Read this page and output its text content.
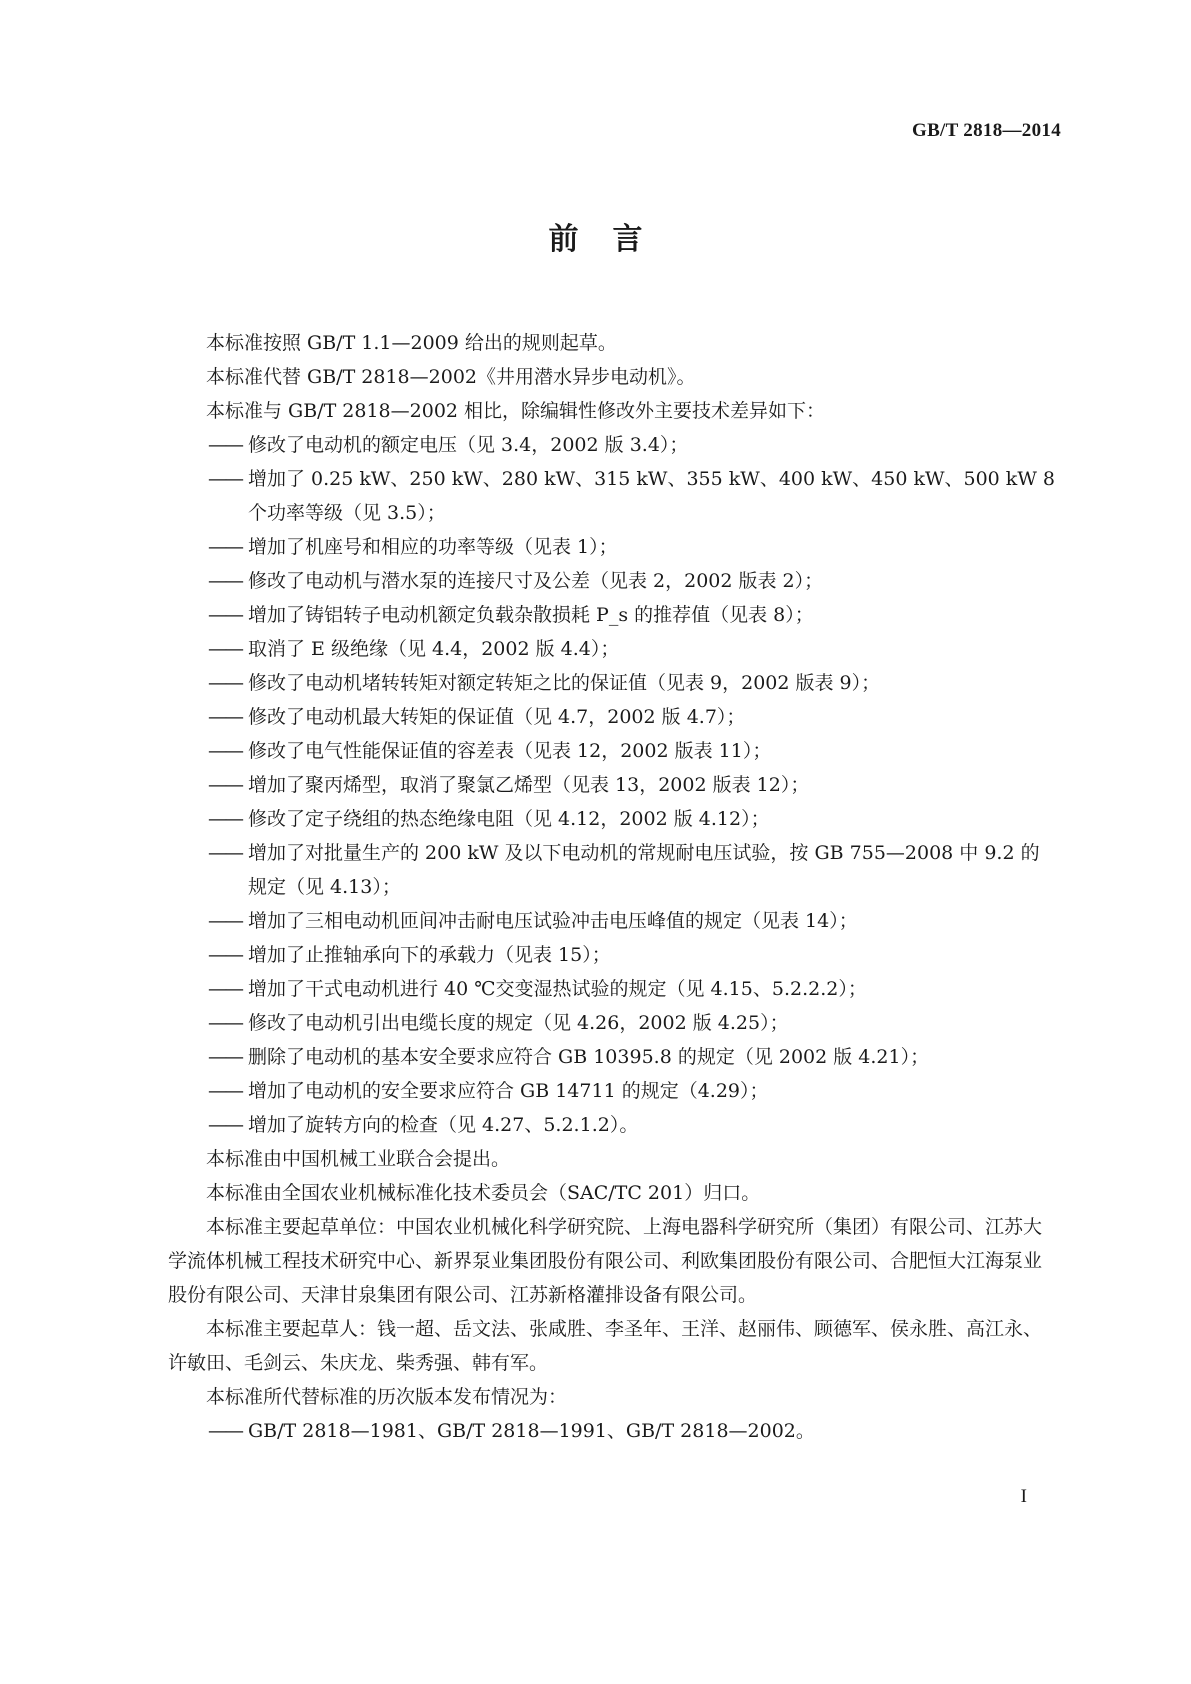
GB/T 2818—2014
前言

本标准按照 GB/T 1.1—2009 给出的规则起草。

本标准代替 GB/T 2818—2002《井用潜水异步电动机》。

本标准与 GB/T 2818—2002 相比，除编辑性修改外主要技术差异如下：

—— 修改了电动机的额定电压（见 3.4，2002 版 3.4）；

—— 增加了 0.25 kW、250 kW、280 kW、315 kW、355 kW、400 kW、450 kW、500 kW 8 个功率等级（见 3.5）；

—— 增加了机座号和相应的功率等级（见表 1）；

—— 修改了电动机与潜水泵的连接尺寸及公差（见表 2，2002 版表 2）；

—— 增加了铸铝转子电动机额定负载杂散损耗 P_s 的推荐值（见表 8）；

—— 取消了 E 级绝缘（见 4.4，2002 版 4.4）；

—— 修改了电动机堵转转矩对额定转矩之比的保证值（见表 9，2002 版表 9）；

—— 修改了电动机最大转矩的保证值（见 4.7，2002 版 4.7）；

—— 修改了电气性能保证值的容差表（见表 12，2002 版表 11）；

—— 增加了聚丙烯型，取消了聚氯乙烯型（见表 13，2002 版表 12）；

—— 修改了定子绕组的热态绝缘电阻（见 4.12，2002 版 4.12）；

—— 增加了对批量生产的 200 kW 及以下电动机的常规耐电压试验，按 GB 755—2008 中 9.2 的规定（见 4.13）；

—— 增加了三相电动机匝间冲击耐电压试验冲击电压峰值的规定（见表 14）；

—— 增加了止推轴承向下的承载力（见表 15）；

—— 增加了干式电动机进行 40 ℃交变湿热试验的规定（见 4.15、5.2.2.2）；

—— 修改了电动机引出电缆长度的规定（见 4.26，2002 版 4.25）；

—— 删除了电动机的基本安全要求应符合 GB 10395.8 的规定（见 2002 版 4.21）；

—— 增加了电动机的安全要求应符合 GB 14711 的规定（4.29）；

—— 增加了旋转方向的检查（见 4.27、5.2.1.2）。

本标准由中国机械工业联合会提出。

本标准由全国农业机械标准化技术委员会（SAC/TC 201）归口。

本标准主要起草单位：中国农业机械化科学研究院、上海电器科学研究所（集团）有限公司、江苏大学流体机械工程技术研究中心、新界泵业集团股份有限公司、利欧集团股份有限公司、合肥恒大江海泵业股份有限公司、天津甘泉集团有限公司、江苏新格灌排设备有限公司。

本标准主要起草人：钱一超、岳文法、张咸胜、李圣年、王洋、赵丽伟、顾德军、侯永胜、高江永、许敏田、毛剑云、朱庆龙、柴秀强、韩有军。

本标准所代替标准的历次版本发布情况为：

—— GB/T 2818—1981、GB/T 2818—1991、GB/T 2818—2002。

I
